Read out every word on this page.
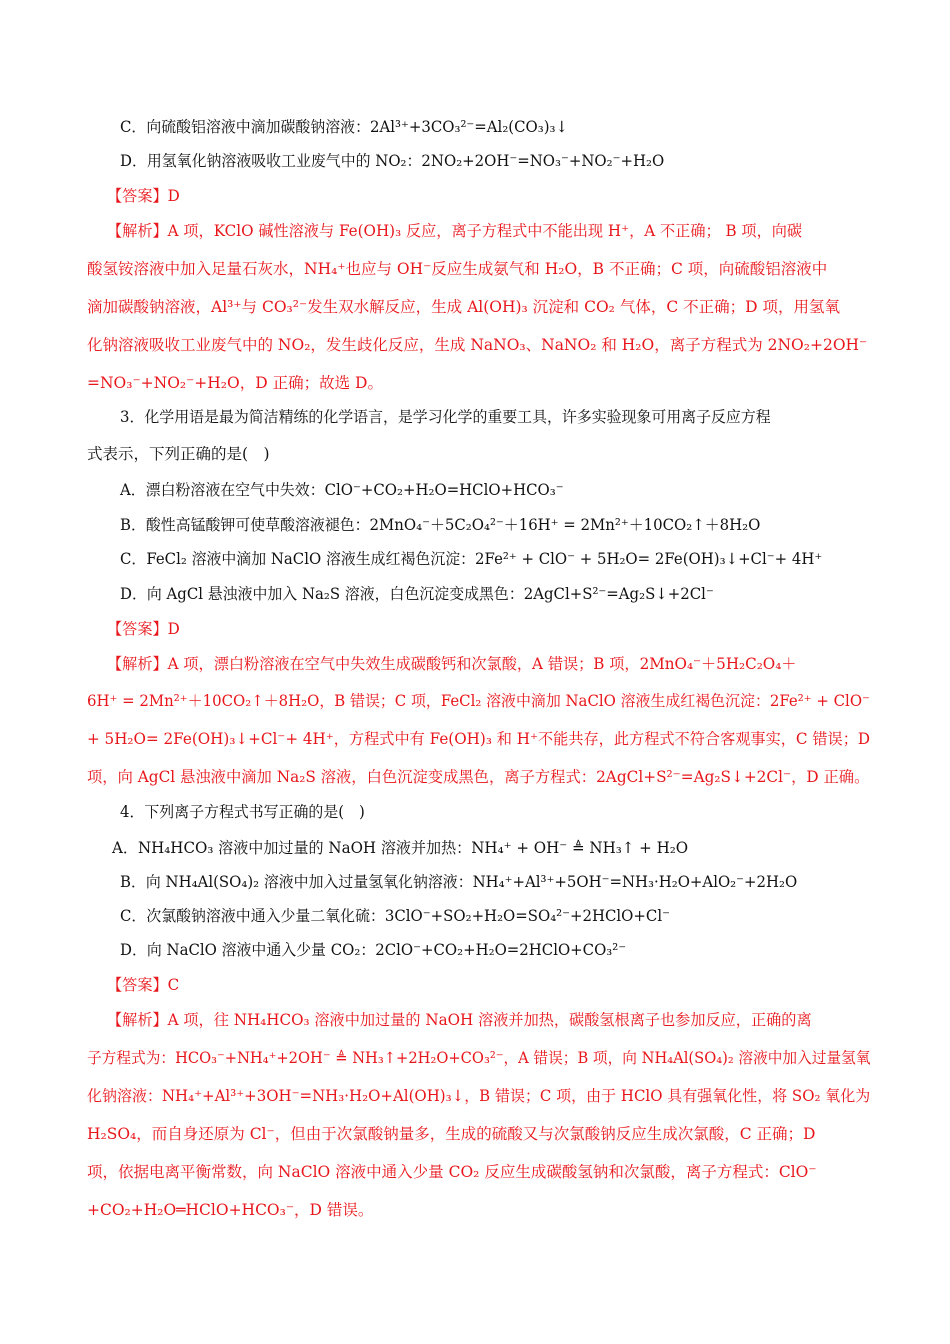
C．向硫酸铝溶液中滴加碳酸钠溶液：2Al³⁺+3CO₃²⁻=Al₂(CO₃)₃↓
D．用氢氧化钠溶液吸收工业废气中的 NO₂：2NO₂+2OH⁻=NO₃⁻+NO₂⁻+H₂O
【答案】D
【解析】A 项，KClO 碱性溶液与 Fe(OH)₃ 反应，离子方程式中不能出现 H⁺，A 不正确； B 项，向碳
酸氢铵溶液中加入足量石灰水，NH₄⁺也应与 OH⁻反应生成氨气和 H₂O，B 不正确；C 项，向硫酸铝溶液中
滴加碳酸钠溶液，Al³⁺与 CO₃²⁻发生双水解反应，生成 Al(OH)₃ 沉淀和 CO₂ 气体，C 不正确；D 项，用氢氧
化钠溶液吸收工业废气中的 NO₂，发生歧化反应，生成 NaNO₃、NaNO₂ 和 H₂O，离子方程式为 2NO₂+2OH⁻
=NO₃⁻+NO₂⁻+H₂O，D 正确；故选 D。
3．化学用语是最为简洁精练的化学语言，是学习化学的重要工具，许多实验现象可用离子反应方程
式表示，下列正确的是(　)
A．漂白粉溶液在空气中失效：ClO⁻+CO₂+H₂O=HClO+HCO₃⁻
B．酸性高锰酸钾可使草酸溶液褪色：2MnO₄⁻＋5C₂O₄²⁻＋16H⁺ = 2Mn²⁺＋10CO₂↑＋8H₂O
C．FeCl₂ 溶液中滴加 NaClO 溶液生成红褐色沉淀：2Fe²⁺ + ClO⁻ + 5H₂O= 2Fe(OH)₃↓+Cl⁻+ 4H⁺
D．向 AgCl 悬浊液中加入 Na₂S 溶液，白色沉淀变成黑色：2AgCl+S²⁻=Ag₂S↓+2Cl⁻
【答案】D
【解析】A 项，漂白粉溶液在空气中失效生成碳酸钙和次氯酸，A 错误；B 项，2MnO₄⁻＋5H₂C₂O₄＋
6H⁺ = 2Mn²⁺＋10CO₂↑＋8H₂O，B 错误；C 项，FeCl₂ 溶液中滴加 NaClO 溶液生成红褐色沉淀：2Fe²⁺ + ClO⁻
+ 5H₂O= 2Fe(OH)₃↓+Cl⁻+ 4H⁺，方程式中有 Fe(OH)₃ 和 H⁺不能共存，此方程式不符合客观事实，C 错误；D
项，向 AgCl 悬浊液中滴加 Na₂S 溶液，白色沉淀变成黑色，离子方程式：2AgCl+S²⁻=Ag₂S↓+2Cl⁻，D 正确。
4．下列离子方程式书写正确的是(　)
A．NH₄HCO₃ 溶液中加过量的 NaOH 溶液并加热：NH₄⁺ + OH⁻ ≜ NH₃↑ + H₂O
B．向 NH₄Al(SO₄)₂ 溶液中加入过量氢氧化钠溶液：NH₄⁺+Al³⁺+5OH⁻=NH₃·H₂O+AlO₂⁻+2H₂O
C．次氯酸钠溶液中通入少量二氧化硫：3ClO⁻+SO₂+H₂O=SO₄²⁻+2HClO+Cl⁻
D．向 NaClO 溶液中通入少量 CO₂：2ClO⁻+CO₂+H₂O=2HClO+CO₃²⁻
【答案】C
【解析】A 项，往 NH₄HCO₃ 溶液中加过量的 NaOH 溶液并加热，碳酸氢根离子也参加反应，正确的离
子方程式为：HCO₃⁻+NH₄⁺+2OH⁻ ≜ NH₃↑+2H₂O+CO₃²⁻，A 错误；B 项，向 NH₄Al(SO₄)₂ 溶液中加入过量氢氧
化钠溶液：NH₄⁺+Al³⁺+3OH⁻=NH₃·H₂O+Al(OH)₃↓，B 错误；C 项，由于 HClO 具有强氧化性，将 SO₂ 氧化为
H₂SO₄，而自身还原为 Cl⁻，但由于次氯酸钠量多，生成的硫酸又与次氯酸钠反应生成次氯酸，C 正确；D
项，依据电离平衡常数，向 NaClO 溶液中通入少量 CO₂ 反应生成碳酸氢钠和次氯酸，离子方程式：ClO⁻
+CO₂+H₂O═HClO+HCO₃⁻，D 错误。
